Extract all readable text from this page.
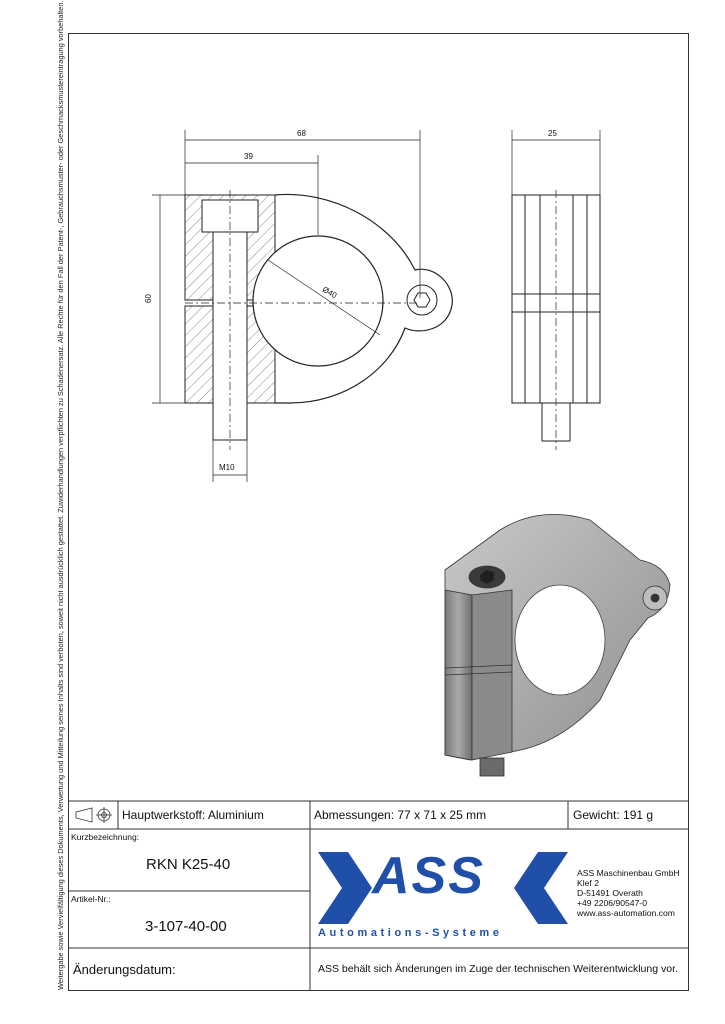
Weitergabe sowie Vervielfältigung dieses Dokuments, Verwertung und Mitteilung seines Inhalts sind verboten, soweit nicht ausdrücklich gestattet. Zuwiderhandlungen verpflichten zu Schadenersatz. Alle Rechte für den Fall der Patent-, Gebrauchsmuster- oder Geschmacksmustereintragung vorbehalten.	68
39
60	Ø40
M10
25
Hauptwerkstoff: Aluminium	Abmessungen: 77 x 71 x 25 mm	Gewicht: 191 g
Kurzbezeichnung:
RKN K25-40
Artikel-Nr.:
3-107-40-00
Änderungsdatum:	ASS behält sich Änderungen im Zuge der technischen Weiterentwicklung vor.
ASS
Automations-Systeme
ASS Maschinenbau GmbH
Klef 2
D-51491 Overath
+49 2206/90547-0
www.ass-automation.com
